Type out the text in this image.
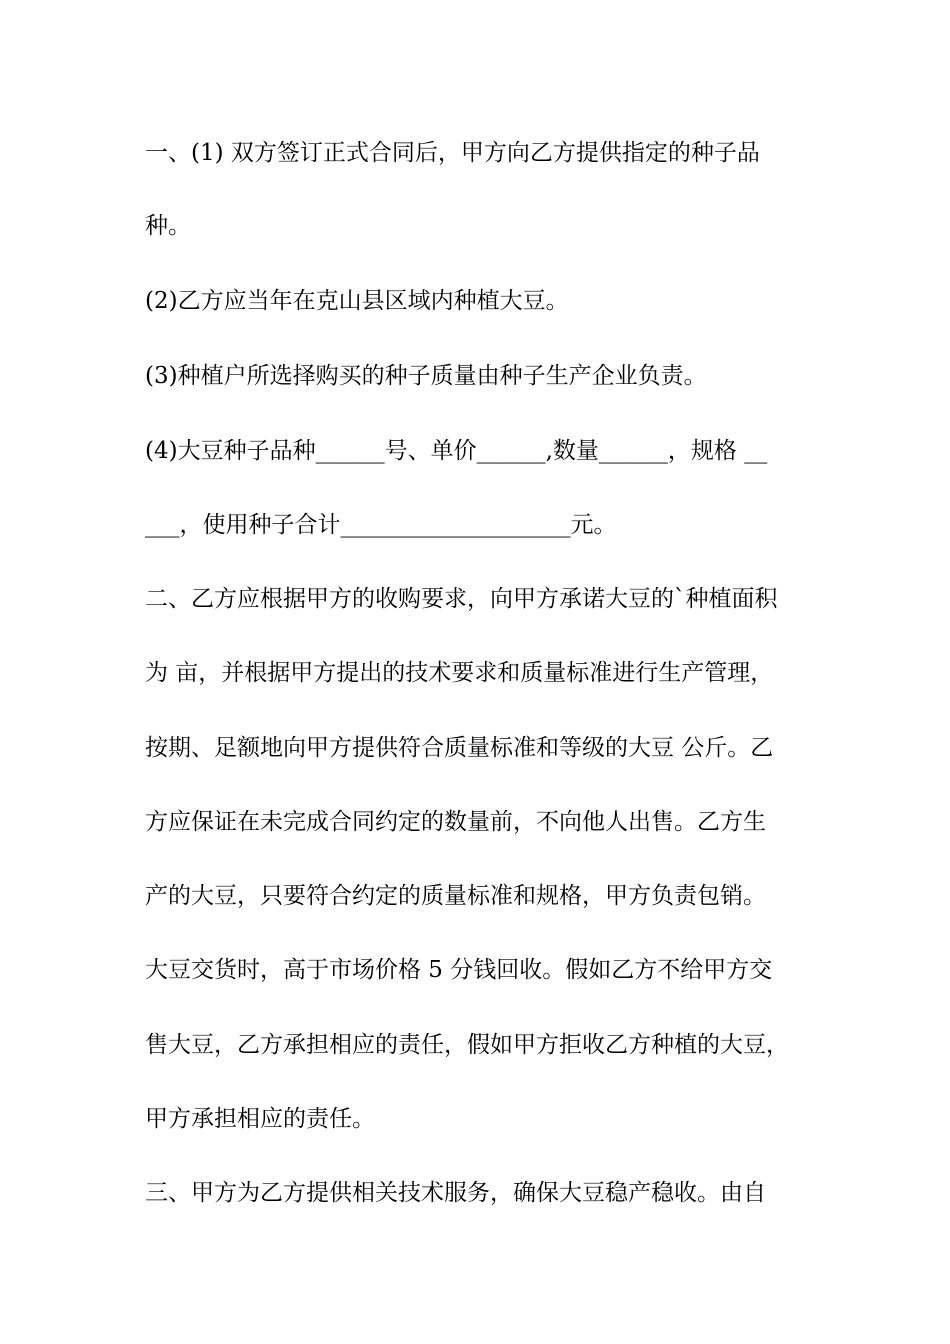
一、(1) 双方签订正式合同后，甲方向乙方提供指定的种子品

种。

(2)乙方应当年在克山县区域内种植大豆。

(3)种植户所选择购买的种子质量由种子生产企业负责。

(4)大豆种子品种______号、单价______,数量______，规格 __

___，使用种子合计____________________元。

二、乙方应根据甲方的收购要求，向甲方承诺大豆的`种植面积

为 亩，并根据甲方提出的技术要求和质量标准进行生产管理，

按期、足额地向甲方提供符合质量标准和等级的大豆 公斤。乙

方应保证在未完成合同约定的数量前，不向他人出售。乙方生

产的大豆，只要符合约定的质量标准和规格，甲方负责包销。

大豆交货时，高于市场价格 5 分钱回收。假如乙方不给甲方交

售大豆，乙方承担相应的责任，假如甲方拒收乙方种植的大豆，

甲方承担相应的责任。

三、甲方为乙方提供相关技术服务，确保大豆稳产稳收。由自
